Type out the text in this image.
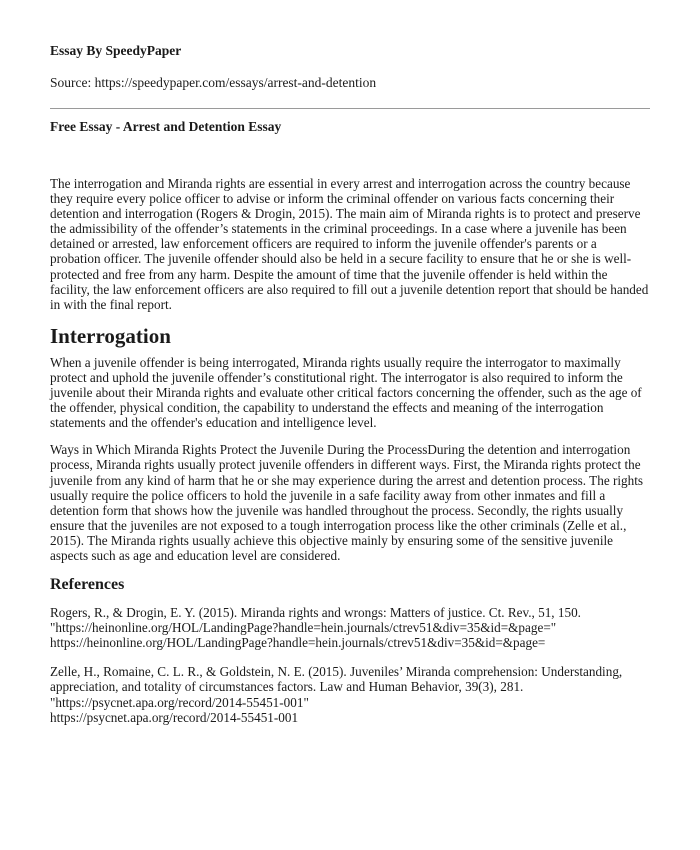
Essay By SpeedyPaper

Source: https://speedypaper.com/essays/arrest-and-detention

Free Essay - Arrest and Detention Essay

The interrogation and Miranda rights are essential in every arrest and interrogation across the country because they require every police officer to advise or inform the criminal offender on various facts concerning their detention and interrogation (Rogers & Drogin, 2015). The main aim of Miranda rights is to protect and preserve the admissibility of the offender’s statements in the criminal proceedings. In a case where a juvenile has been detained or arrested, law enforcement officers are required to inform the juvenile offender's parents or a probation officer. The juvenile offender should also be held in a secure facility to ensure that he or she is well-protected and free from any harm. Despite the amount of time that the juvenile offender is held within the facility, the law enforcement officers are also required to fill out a juvenile detention report that should be handed in with the final report.

Interrogation

When a juvenile offender is being interrogated, Miranda rights usually require the interrogator to maximally protect and uphold the juvenile offender’s constitutional right. The interrogator is also required to inform the juvenile about their Miranda rights and evaluate other critical factors concerning the offender, such as the age of the offender, physical condition, the capability to understand the effects and meaning of the interrogation statements and the offender's education and intelligence level.

Ways in Which Miranda Rights Protect the Juvenile During the ProcessDuring the detention and interrogation process, Miranda rights usually protect juvenile offenders in different ways. First, the Miranda rights protect the juvenile from any kind of harm that he or she may experience during the arrest and detention process. The rights usually require the police officers to hold the juvenile in a safe facility away from other inmates and fill a detention form that shows how the juvenile was handled throughout the process. Secondly, the rights usually ensure that the juveniles are not exposed to a tough interrogation process like the other criminals (Zelle et al., 2015). The Miranda rights usually achieve this objective mainly by ensuring some of the sensitive juvenile aspects such as age and education level are considered.

References
Rogers, R., & Drogin, E. Y. (2015). Miranda rights and wrongs: Matters of justice. Ct. Rev., 51, 150. "https://heinonline.org/HOL/LandingPage?handle=hein.journals/ctrev51&div=35&id=&page="
https://heinonline.org/HOL/LandingPage?handle=hein.journals/ctrev51&div=35&id=&page=
Zelle, H., Romaine, C. L. R., & Goldstein, N. E. (2015). Juveniles’ Miranda comprehension: Understanding, appreciation, and totality of circumstances factors. Law and Human Behavior, 39(3), 281. "https://psycnet.apa.org/record/2014-55451-001"
https://psycnet.apa.org/record/2014-55451-001
